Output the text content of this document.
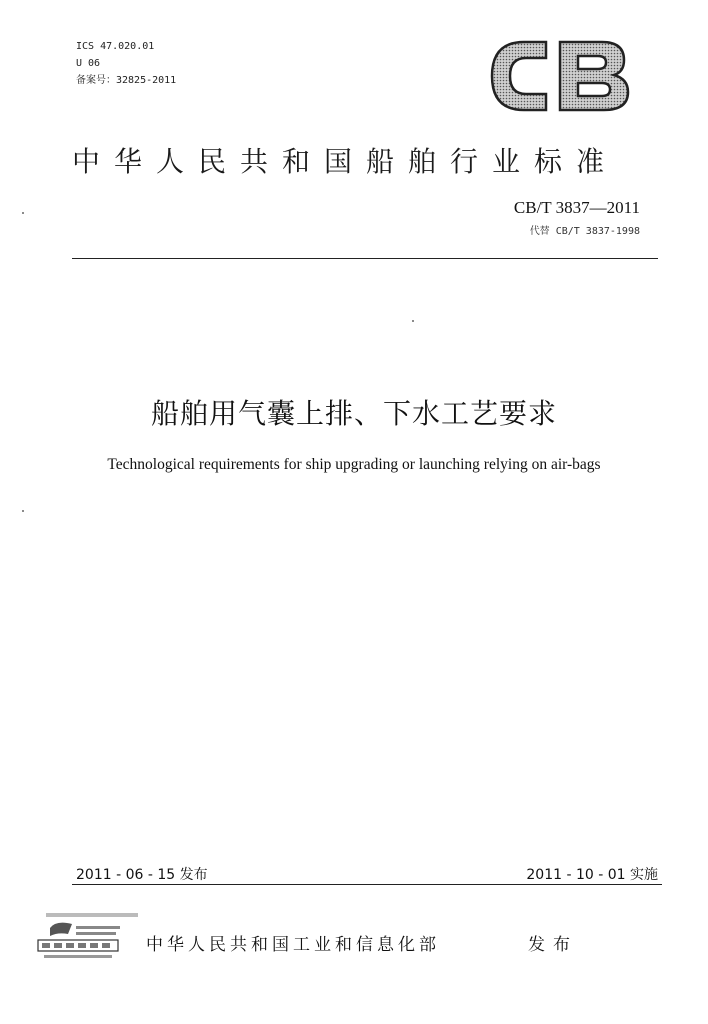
ICS 47.020.01
U 06
备案号：32825-2011
中华人民共和国船舶行业标准
CB/T 3837—2011
代替 CB/T 3837-1998
船舶用气囊上排、下水工艺要求
Technological requirements for ship upgrading or launching relying on air-bags
2011 - 06 - 15 发布	2011 - 10 - 01 实施
中华人民共和国工业和信息化部	发布
